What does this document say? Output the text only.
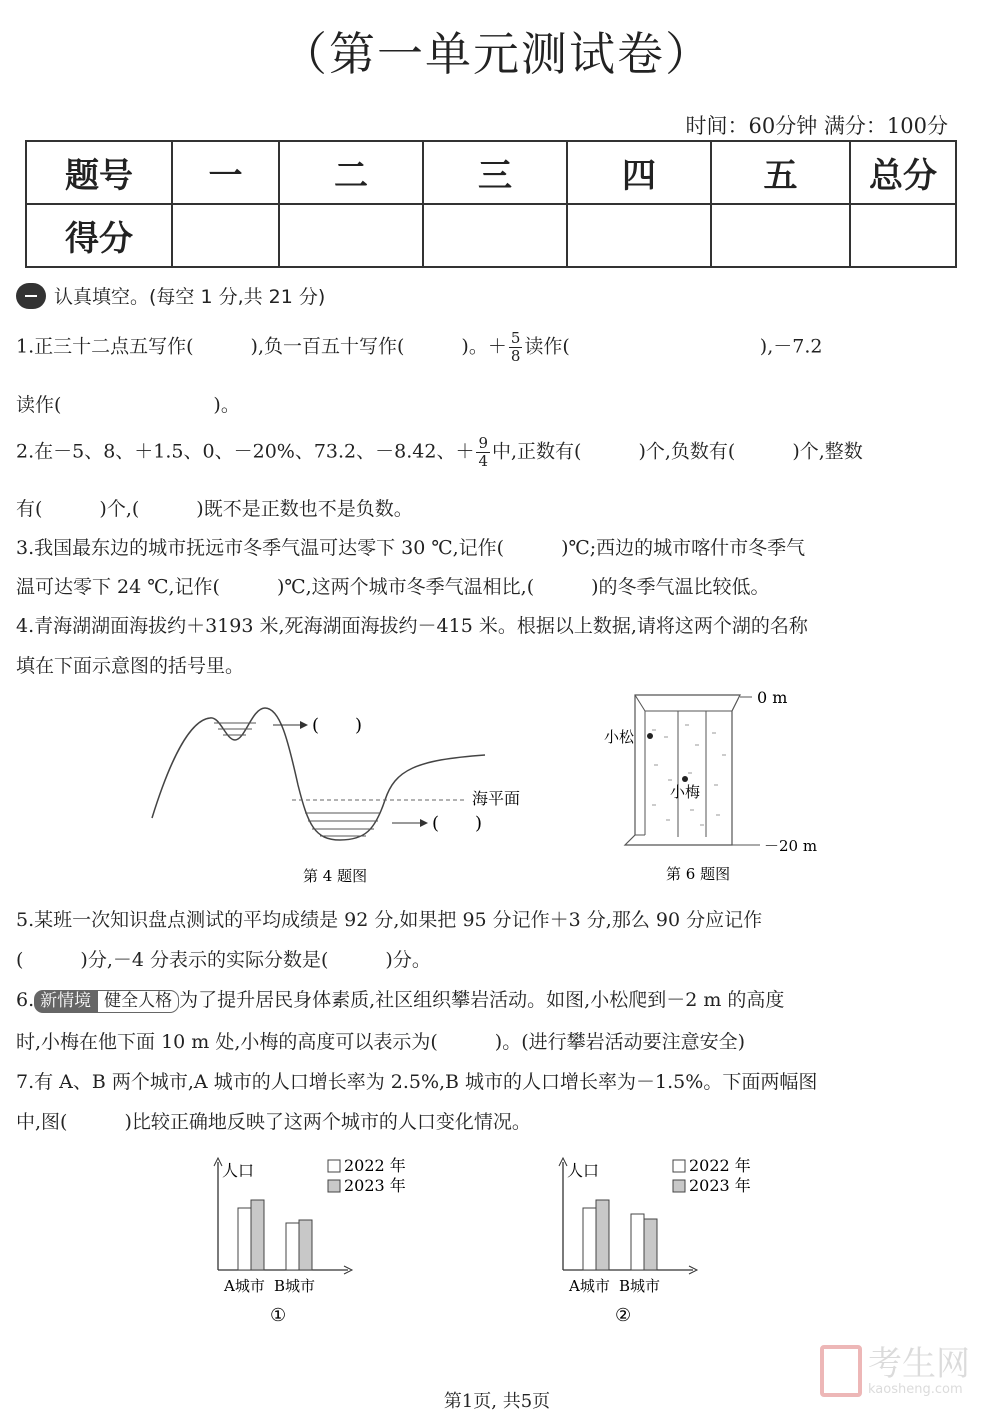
（第一单元测试卷）
时间：60分钟 满分：100分
题号	一	二	三	四	五	总分
得分						
认真填空。(每空 1 分,共 21 分)
1.正三十二点五写作(　　　),负一百五十写作(　　　)。＋ $\frac{5}{8}$ 读作(　　　　　　　　　　),－7.2
读作(　　　　　　　　)。
2.在－5、8、＋1.5、0、－20%、73.2、－8.42、＋ $\frac{9}{4}$ 中,正数有(　　　)个,负数有(　　　)个,整数
有(　　　)个,(　　　)既不是正数也不是负数。
3.我国最东边的城市抚远市冬季气温可达零下 30 ℃,记作(　　　)℃;西边的城市喀什市冬季气
温可达零下 24 ℃,记作(　　　)℃,这两个城市冬季气温相比,(　　　)的冬季气温比较低。
4.青海湖湖面海拔约＋3193 米,死海湖面海拔约－415 米。根据以上数据,请将这两个湖的名称
填在下面示意图的括号里。
(　　)
(　　)
海平面
第 4 题图
小松
小梅
0 m
－20 m
第 6 题图
5.某班一次知识盘点测试的平均成绩是 92 分,如果把 95 分记作＋3 分,那么 90 分应记作
(　　　)分,－4 分表示的实际分数是(　　　)分。
6. 新情境 健全人格 为了提升居民身体素质,社区组织攀岩活动。如图,小松爬到－2 m 的高度
时,小梅在他下面 10 m 处,小梅的高度可以表示为(　　　)。(进行攀岩活动要注意安全)
7.有 A、B 两个城市,A 城市的人口增长率为 2.5%,B 城市的人口增长率为－1.5%。下面两幅图
中,图(　　　)比较正确地反映了这两个城市的人口变化情况。
人口	2022 年
2023 年
A城市 B城市
①
人口	2022 年
2023 年
A城市 B城市
②
第1页, 共5页
考生网
kaosheng.com
